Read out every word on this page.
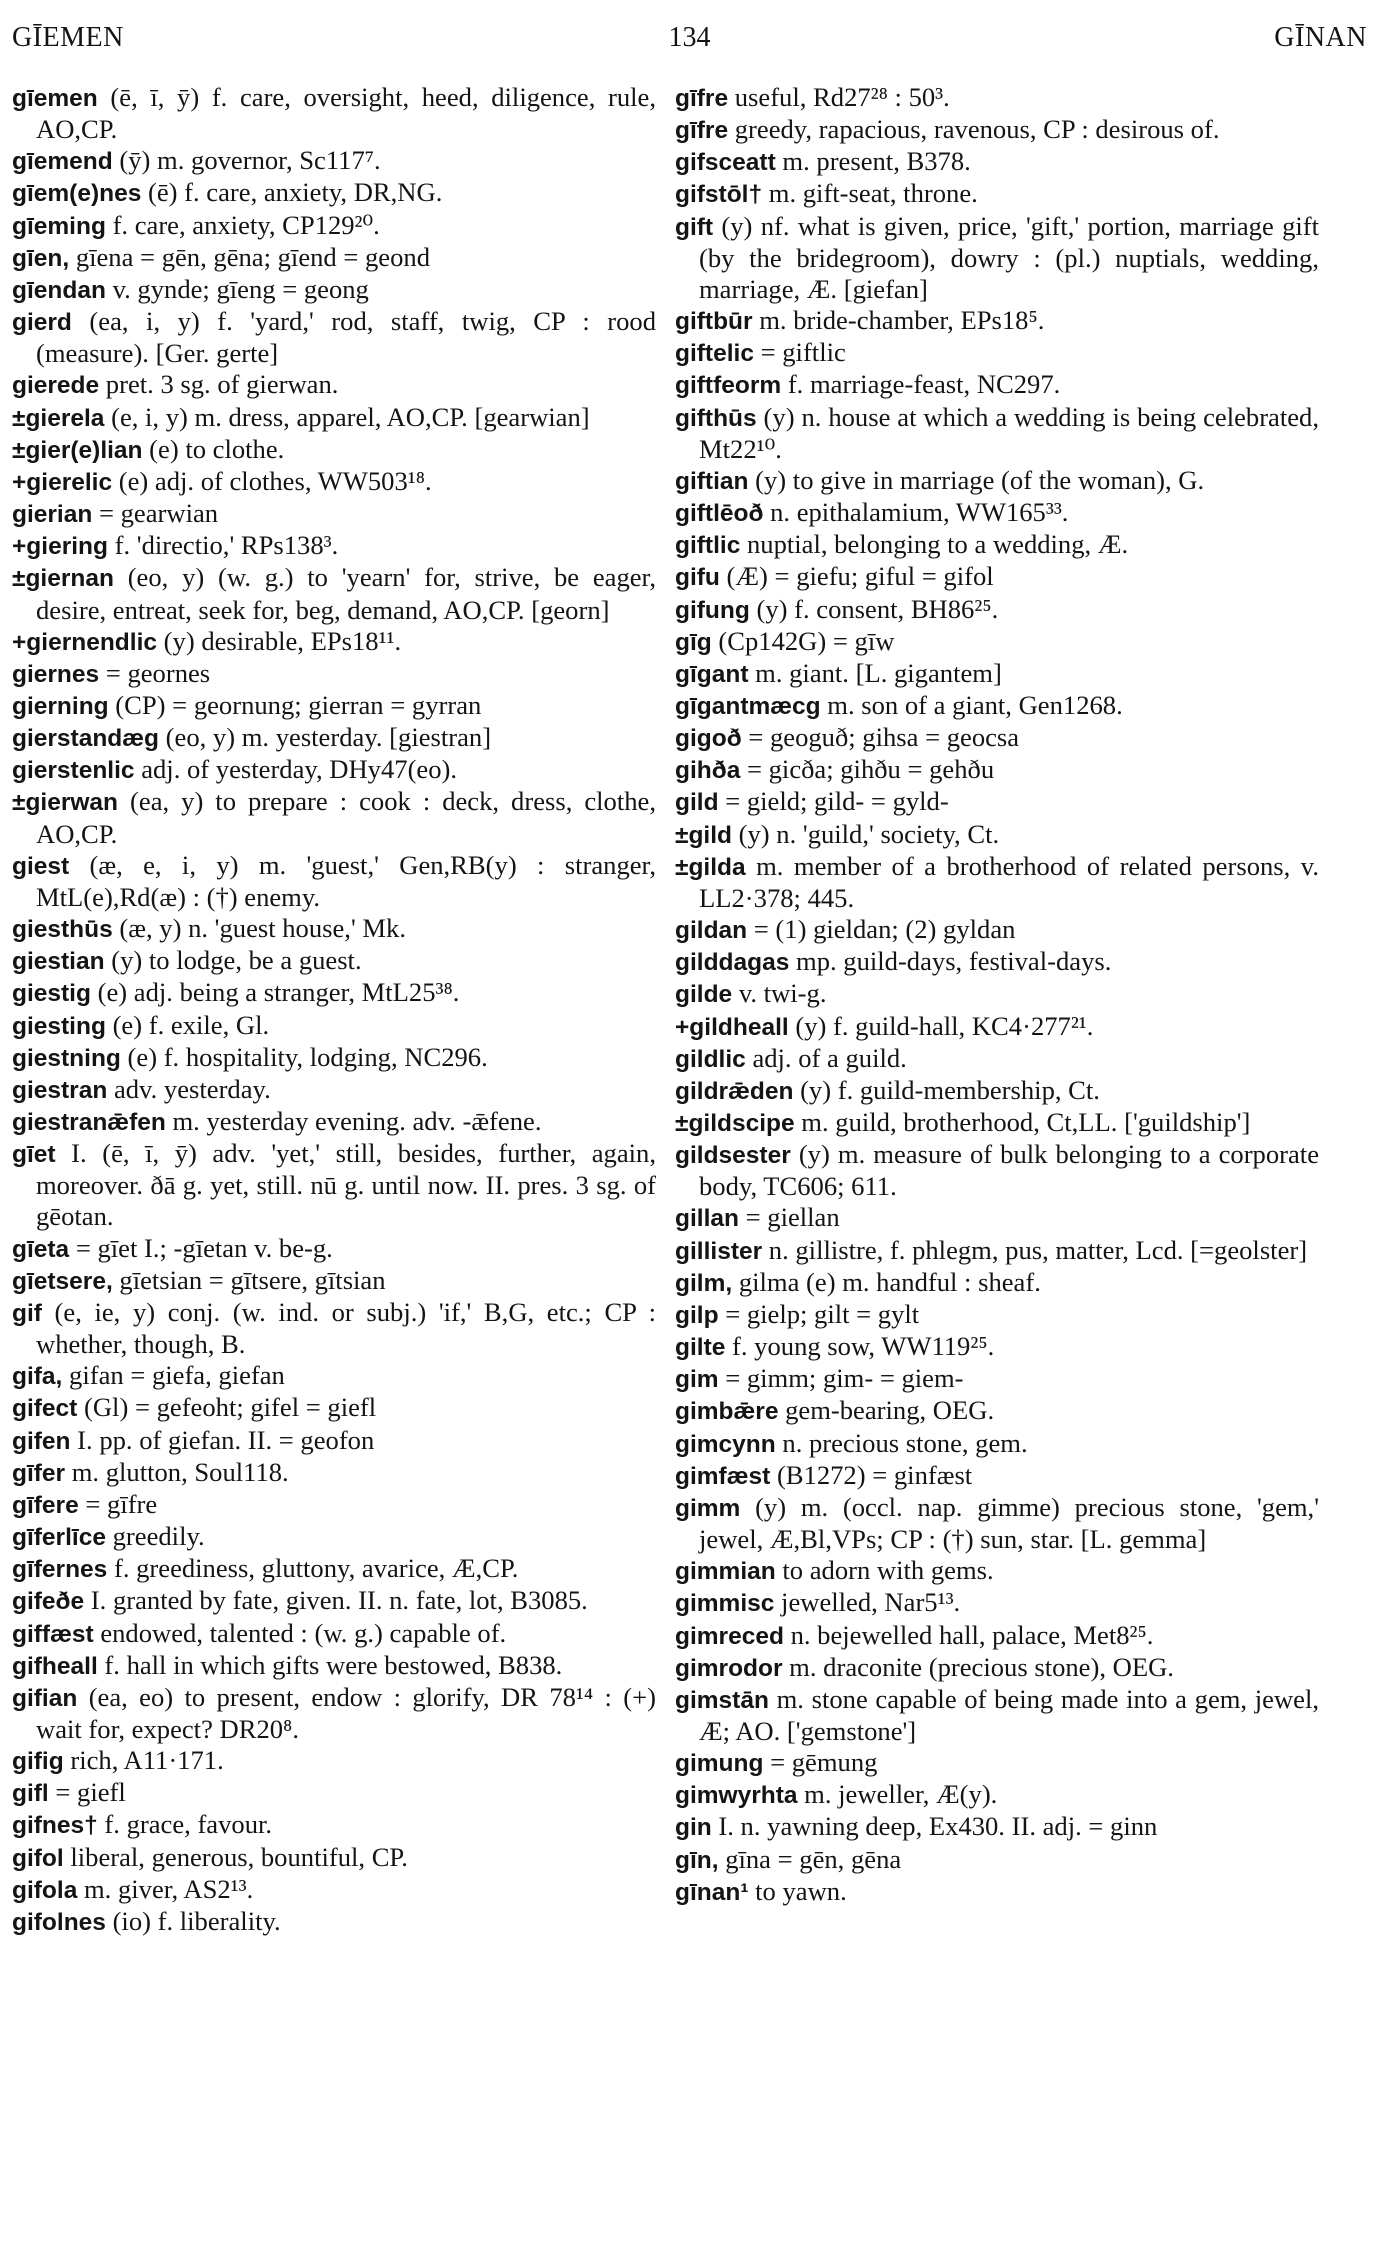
GĪEMEN	134	GĪNAN
gīemen (ē, ī, ȳ) f. care, oversight, heed, diligence, rule, AO,CP.
gīemend (ȳ) m. governor, Sc117⁷.
gīem(e)nes (ē) f. care, anxiety, DR,NG.
gīeming f. care, anxiety, CP129²⁰.
gīen, gīena = gēn, gēna; gīend = geond
gīendan v. gynde; gīeng = geong
gierd (ea, i, y) f. 'yard,' rod, staff, twig, CP : rood (measure). [Ger. gerte]
gierede pret. 3 sg. of gierwan.
±gierela (e, i, y) m. dress, apparel, AO,CP. [gearwian]
±gier(e)lian (e) to clothe.
+gierelic (e) adj. of clothes, WW503¹⁸.
gierian = gearwian
+giering f. 'directio,' RPs138³.
±giernan (eo, y) (w. g.) to 'yearn' for, strive, be eager, desire, entreat, seek for, beg, demand, AO,CP. [georn]
+giernendlic (y) desirable, EPs18¹¹.
giernes = geornes
gierning (CP) = geornung; gierran = gyrran
gierstandæg (eo, y) m. yesterday. [giestran]
gierstenlic adj. of yesterday, DHy47(eo).
±gierwan (ea, y) to prepare : cook : deck, dress, clothe, AO,CP.
giest (æ, e, i, y) m. 'guest,' Gen,RB(y) : stranger, MtL(e),Rd(æ) : (†) enemy.
giesthūs (æ, y) n. 'guest house,' Mk.
giestian (y) to lodge, be a guest.
giestig (e) adj. being a stranger, MtL25³⁸.
giesting (e) f. exile, Gl.
giestning (e) f. hospitality, lodging, NC296.
giestran adv. yesterday.
giestranǣfen m. yesterday evening. adv. -ǣfene.
gīet I. (ē, ī, ȳ) adv. 'yet,' still, besides, further, again, moreover. ðā g. yet, still. nū g. until now. II. pres. 3 sg. of gēotan.
gīeta = gīet I.; -gīetan v. be-g.
gīetsere, gīetsian = gītsere, gītsian
gif (e, ie, y) conj. (w. ind. or subj.) 'if,' B,G, etc.; CP : whether, though, B.
gifa, gifan = giefa, giefan
gifect (Gl) = gefeoht; gifel = giefl
gifen I. pp. of giefan. II. = geofon
gīfer m. glutton, Soul118.
gīfere = gīfre
gīferlīce greedily.
gīfernes f. greediness, gluttony, avarice, Æ,CP.
gifeðe I. granted by fate, given. II. n. fate, lot, B3085.
giffæst endowed, talented : (w. g.) capable of.
gifheall f. hall in which gifts were bestowed, B838.
gifian (ea, eo) to present, endow : glorify, DR 78¹⁴ : (+) wait for, expect? DR20⁸.
gifig rich, A11·171.
gifl = giefl
gifnes† f. grace, favour.
gifol liberal, generous, bountiful, CP.
gifola m. giver, AS2¹³.
gifolnes (io) f. liberality.
gīfre useful, Rd27²⁸ : 50³.
gīfre greedy, rapacious, ravenous, CP : desirous of.
gifsceatt m. present, B378.
gifstōl† m. gift-seat, throne.
gift (y) nf. what is given, price, 'gift,' portion, marriage gift (by the bridegroom), dowry : (pl.) nuptials, wedding, marriage, Æ. [giefan]
giftbūr m. bride-chamber, EPs18⁵.
giftelic = giftlic
giftfeorm f. marriage-feast, NC297.
gifthūs (y) n. house at which a wedding is being celebrated, Mt22¹⁰.
giftian (y) to give in marriage (of the woman), G.
giftlēoð n. epithalamium, WW165³³.
giftlic nuptial, belonging to a wedding, Æ.
gifu (Æ) = giefu; giful = gifol
gifung (y) f. consent, BH86²⁵.
gīg (Cp142G) = gīw
gīgant m. giant. [L. gigantem]
gīgantmæcg m. son of a giant, Gen1268.
gigoð = geoguð; gihsa = geocsa
gihða = gicða; gihðu = gehðu
gild = gield; gild- = gyld-
±gild (y) n. 'guild,' society, Ct.
±gilda m. member of a brotherhood of related persons, v. LL2·378; 445.
gildan = (1) gieldan; (2) gyldan
gilddagas mp. guild-days, festival-days.
gilde v. twi-g.
+gildheall (y) f. guild-hall, KC4·277²¹.
gildlic adj. of a guild.
gildrǣden (y) f. guild-membership, Ct.
±gildscipe m. guild, brotherhood, Ct,LL. ['guildship']
gildsester (y) m. measure of bulk belonging to a corporate body, TC606; 611.
gillan = giellan
gillister n. gillistre, f. phlegm, pus, matter, Lcd. [=geolster]
gilm, gilma (e) m. handful : sheaf.
gilp = gielp; gilt = gylt
gilte f. young sow, WW119²⁵.
gim = gimm; gim- = giem-
gimbǣre gem-bearing, OEG.
gimcynn n. precious stone, gem.
gimfæst (B1272) = ginfæst
gimm (y) m. (occl. nap. gimme) precious stone, 'gem,' jewel, Æ,Bl,VPs; CP : (†) sun, star. [L. gemma]
gimmian to adorn with gems.
gimmisc jewelled, Nar5¹³.
gimreced n. bejewelled hall, palace, Met8²⁵.
gimrodor m. draconite (precious stone), OEG.
gimstān m. stone capable of being made into a gem, jewel, Æ; AO. ['gemstone']
gimung = gēmung
gimwyrhta m. jeweller, Æ(y).
gin I. n. yawning deep, Ex430. II. adj. = ginn
gīn, gīna = gēn, gēna
gīnan¹ to yawn.
